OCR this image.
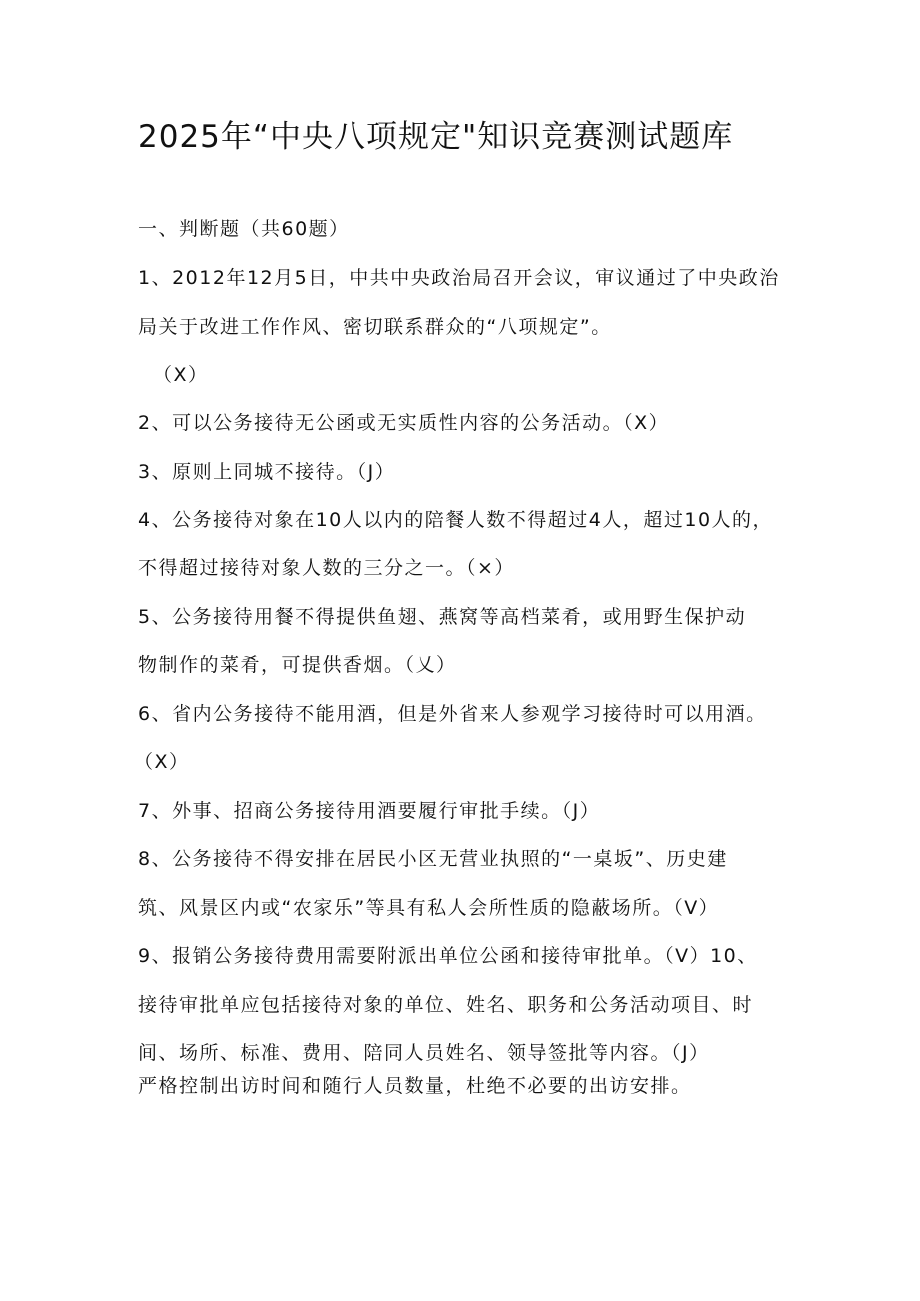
2025年“中央八项规定"知识竞赛测试题库
一、判断题（共60题）
1、2012年12月5日，中共中央政治局召开会议，审议通过了中央政治
局关于改进工作作风、密切联系群众的“八项规定”。
（X）
2、可以公务接待无公函或无实质性内容的公务活动。（X）
3、原则上同城不接待。（J）
4、公务接待对象在10人以内的陪餐人数不得超过4人，超过10人的，
不得超过接待对象人数的三分之一。（×）
5、公务接待用餐不得提供鱼翅、燕窝等高档菜肴，或用野生保护动
物制作的菜肴，可提供香烟。（乂）
6、省内公务接待不能用酒，但是外省来人参观学习接待时可以用酒。
（X）
7、外事、招商公务接待用酒要履行审批手续。（J）
8、公务接待不得安排在居民小区无营业执照的“一桌坂”、历史建
筑、风景区内或“农家乐”等具有私人会所性质的隐蔽场所。（V）
9、报销公务接待费用需要附派出单位公函和接待审批单。（V）10、
接待审批单应包括接待对象的单位、姓名、职务和公务活动项目、时
间、场所、标准、费用、陪同人员姓名、领导签批等内容。（J）
严格控制出访时间和随行人员数量，杜绝不必要的出访安排。
